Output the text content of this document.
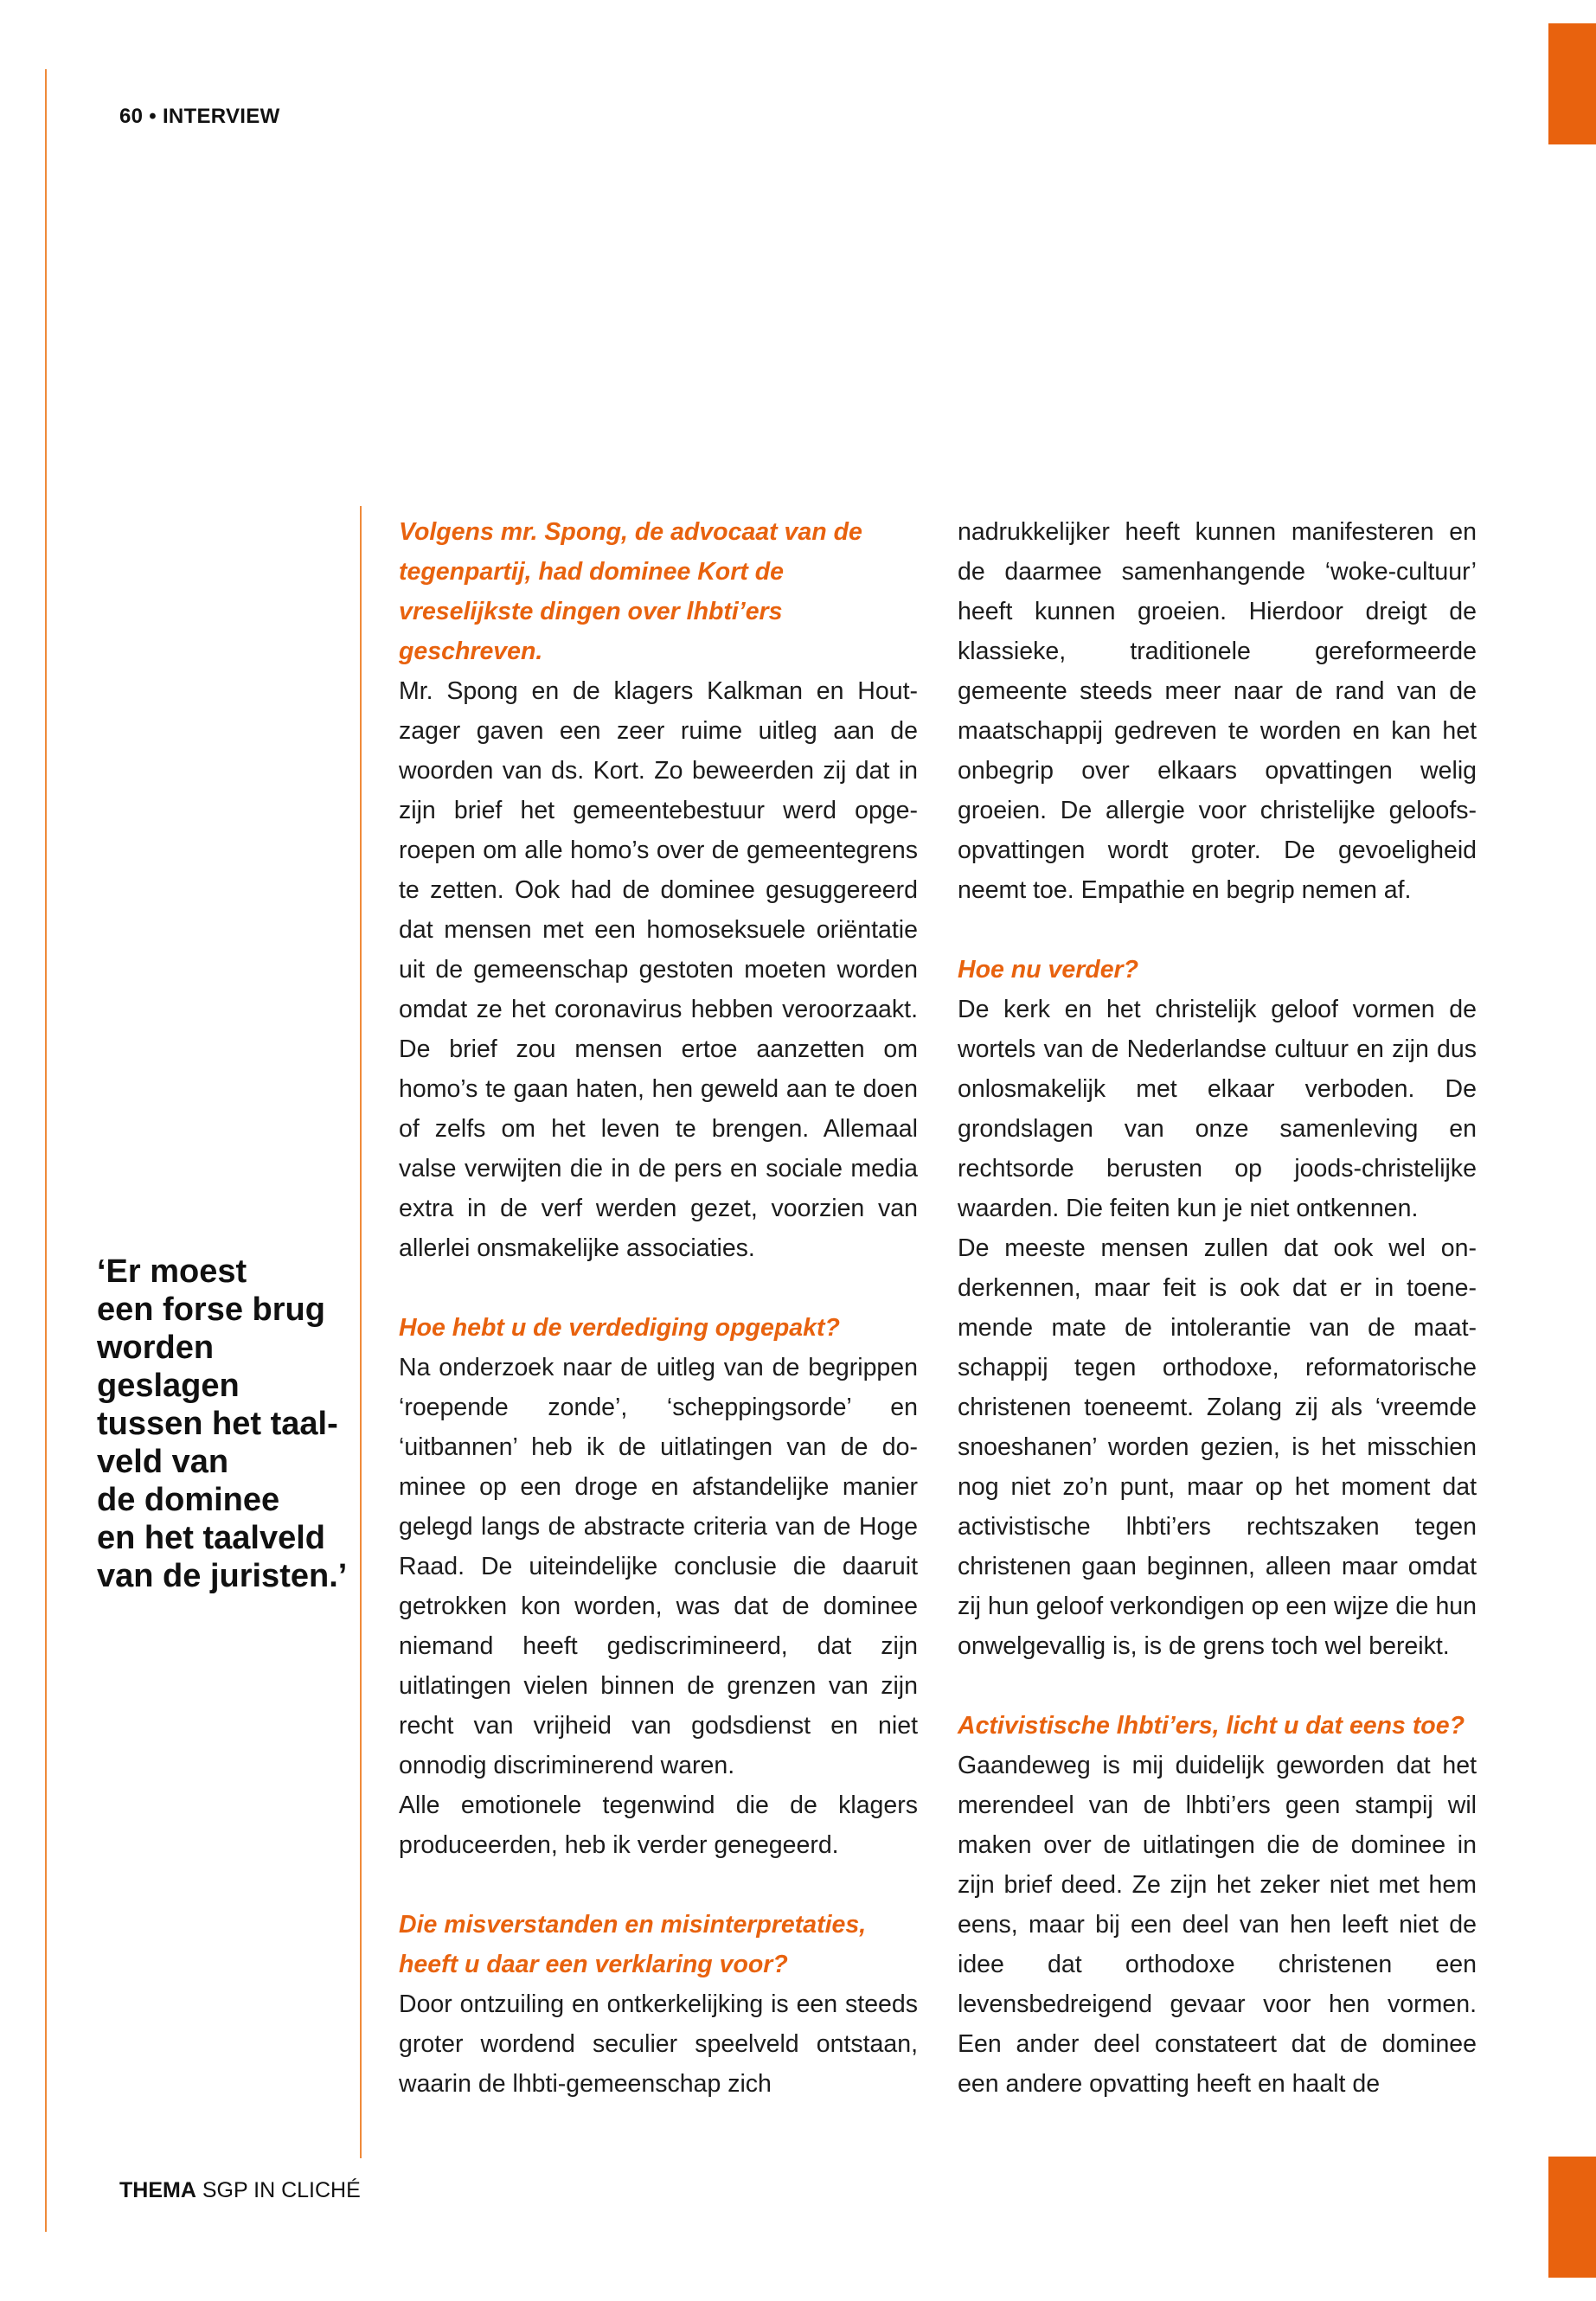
60 • INTERVIEW
‘Er moest
een forse brug
worden
geslagen
tussen het taal-
veld van
de dominee
en het taalveld
van de juristen.’

Volgens mr. Spong, de advocaat van de tegenpartij, had dominee Kort de vreselijkste dingen over lhbti’ers geschreven.

Mr. Spong en de klagers Kalkman en Houtzager gaven een zeer ruime uitleg aan de woorden van ds. Kort. Zo beweerden zij dat in zijn brief het gemeentebestuur werd opgeroepen om alle homo’s over de gemeentegrens te zetten. Ook had de dominee gesuggereerd dat mensen met een homoseksuele oriëntatie uit de gemeenschap gestoten moeten worden omdat ze het coronavirus hebben veroorzaakt. De brief zou mensen ertoe aanzetten om homo’s te gaan haten, hen geweld aan te doen of zelfs om het leven te brengen. Allemaal valse verwijten die in de pers en sociale media extra in de verf werden gezet, voorzien van allerlei onsmakelijke associaties.

Hoe hebt u de verdediging opgepakt?

Na onderzoek naar de uitleg van de begrippen ‘roepende zonde’, ‘scheppingsorde’ en ‘uitbannen’ heb ik de uitlatingen van de dominee op een droge en afstandelijke manier gelegd langs de abstracte criteria van de Hoge Raad. De uiteindelijke conclusie die daaruit getrokken kon worden, was dat de dominee niemand heeft gediscrimineerd, dat zijn uitlatingen vielen binnen de grenzen van zijn recht van vrijheid van godsdienst en niet onnodig discriminerend waren.

Alle emotionele tegenwind die de klagers produceerden, heb ik verder genegeerd.

Die misverstanden en misinterpretaties, heeft u daar een verklaring voor?

Door ontzuiling en ontkerkelijking is een steeds groter wordend seculier speelveld ontstaan, waarin de lhbti-gemeenschap zich

nadrukkelijker heeft kunnen manifesteren en de daarmee samenhangende ‘woke-cultuur’ heeft kunnen groeien. Hierdoor dreigt de klassieke, traditionele gereformeerde gemeente steeds meer naar de rand van de maatschappij gedreven te worden en kan het onbegrip over elkaars opvattingen welig groeien. De allergie voor christelijke geloofsopvattingen wordt groter. De gevoeligheid neemt toe. Empathie en begrip nemen af.

Hoe nu verder?

De kerk en het christelijk geloof vormen de wortels van de Nederlandse cultuur en zijn dus onlosmakelijk met elkaar verboden. De grondslagen van onze samenleving en rechtsorde berusten op joods-christelijke waarden. Die feiten kun je niet ontkennen.

De meeste mensen zullen dat ook wel onderkennen, maar feit is ook dat er in toenemende mate de intolerantie van de maatschappij tegen orthodoxe, reformatorische christenen toeneemt. Zolang zij als ‘vreemde snoeshanen’ worden gezien, is het misschien nog niet zo’n punt, maar op het moment dat activistische lhbti’ers rechtszaken tegen christenen gaan beginnen, alleen maar omdat zij hun geloof verkondigen op een wijze die hun onwelgevallig is, is de grens toch wel bereikt.

Activistische lhbti’ers, licht u dat eens toe?

Gaandeweg is mij duidelijk geworden dat het merendeel van de lhbti’ers geen stampij wil maken over de uitlatingen die de dominee in zijn brief deed. Ze zijn het zeker niet met hem eens, maar bij een deel van hen leeft niet de idee dat orthodoxe christenen een levensbedreigend gevaar voor hen vormen. Een ander deel constateert dat de dominee een andere opvatting heeft en haalt de

THEMA SGP IN CLICHÉ
